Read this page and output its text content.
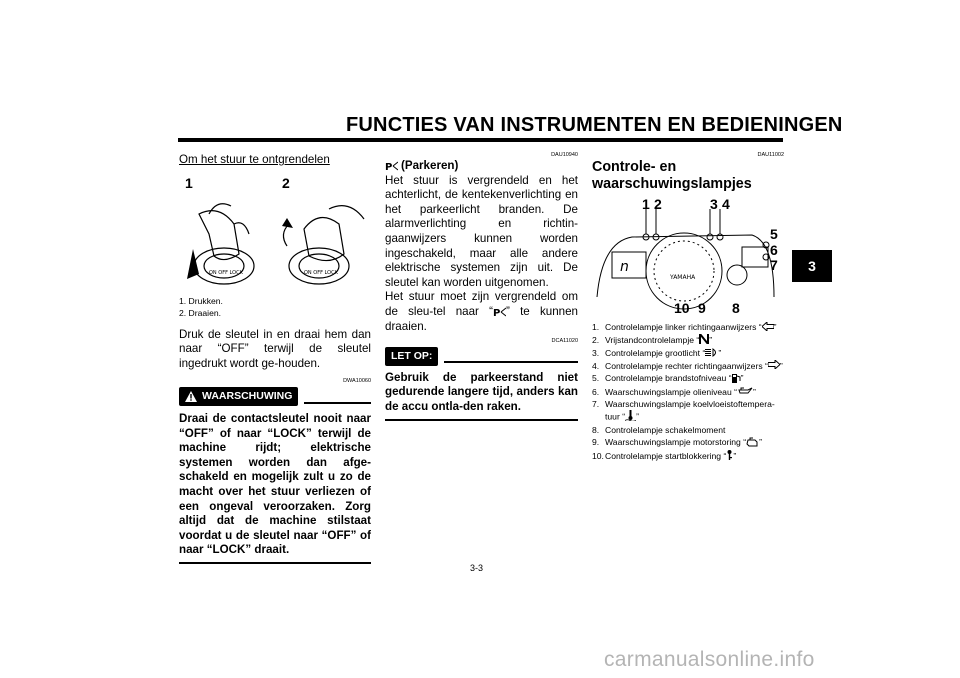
FUNCTIES VAN INSTRUMENTEN EN BEDIENINGEN
3
Om het stuur te ontgrendelen
1	2
ON OFF LOCK	ON OFF LOCK
1. Drukken.
2. Draaien.

Druk de sleutel in en draai hem dan naar “OFF” terwijl de sleutel ingedrukt wordt ge-houden.

DWA10060
WAARSCHUWING

Draai de contactsleutel nooit naar “OFF” of naar “LOCK” terwijl de machine rijdt; elektrische systemen worden dan afge-schakeld en mogelijk zult u zo de macht over het stuur verliezen of een ongeval veroorzaken. Zorg altijd dat de machine stilstaat voordat u de sleutel naar “OFF” of naar “LOCK” draait.

DAU10940
P (Parkeren)

Het stuur is vergrendeld en het achterlicht, de kentekenverlichting en het parkeerlicht branden. De alarmverlichting en richtin-gaanwijzers kunnen worden ingeschakeld, maar alle andere elektrische systemen zijn uit. De sleutel kan worden uitgenomen.

Het stuur moet zijn vergrendeld om de sleu-tel naar “ P ” te kunnen draaien.

DCA11020
LET OP:

Gebruik de parkeerstand niet gedurende langere tijd, anders kan de accu ontla-den raken.

DAU11002
Controle- en waarschuwingslampjes
n
YAMAHA
1 2	3 4
5
6
7
8
9
10
1. Controlelampje linker richtingaanwijzers “ ”
2. Vrijstandcontrolelampje “ ”
3. Controlelampje grootlicht “ ”
4. Controlelampje rechter richtingaanwijzers “ ”
5. Controlelampje brandstofniveau “ ”
6. Waarschuwingslampje olieniveau “ ”
7. Waarschuwingslampje koelvloeistoftempera-tuur “ ”
8. Controlelampje schakelmoment
9. Waarschuwingslampje motorstoring “ ”
10. Controlelampje startblokkering “ ”
3-3
carmanualsonline.info
